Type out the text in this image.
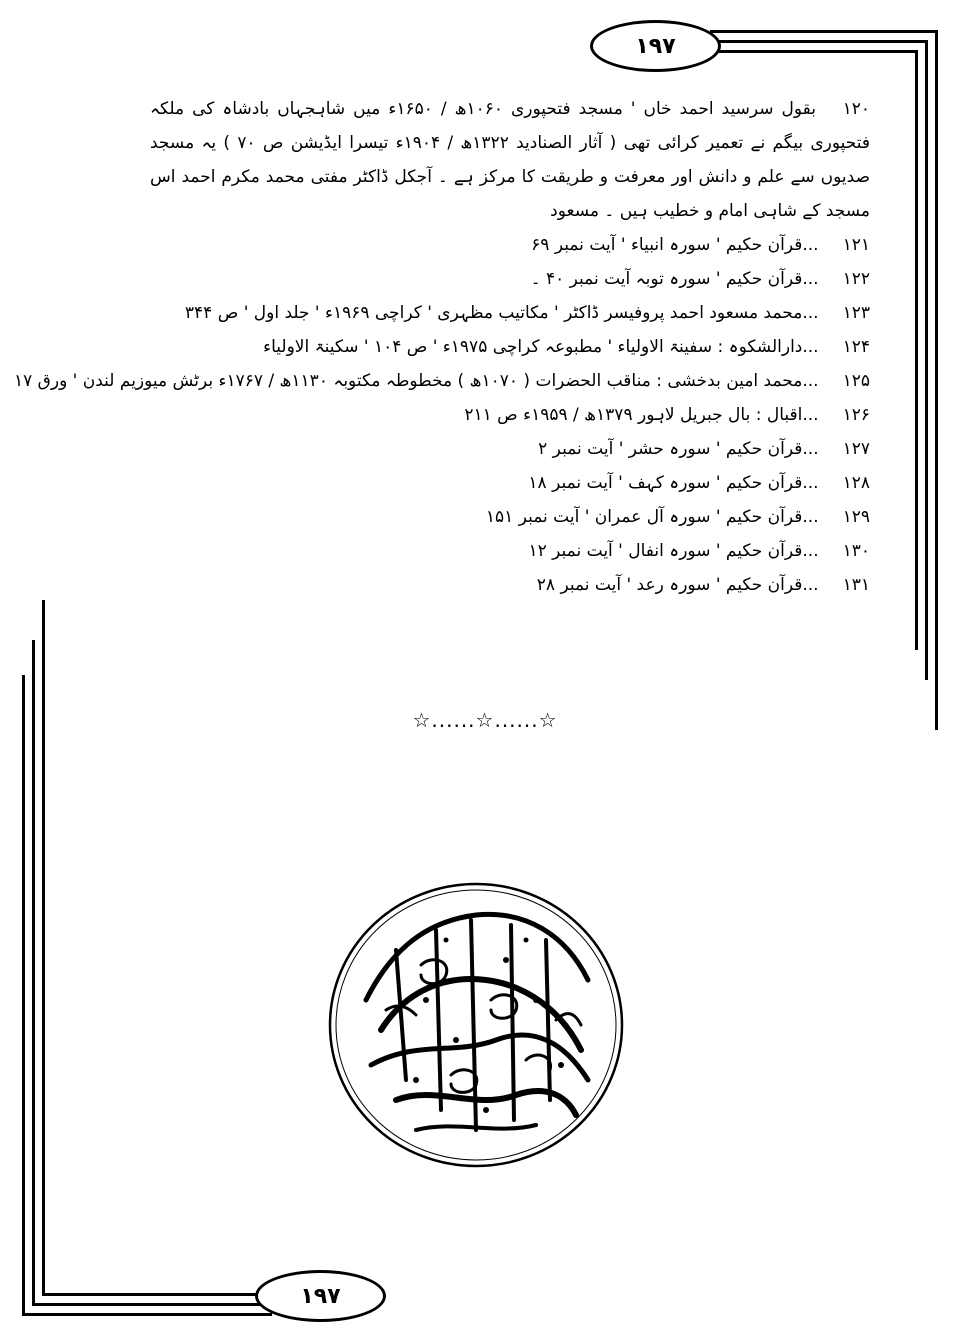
۱۹۷
۱۹۷
۱۲۰ بقول سرسید احمد خاں ' مسجد فتحپوری ۱۰۶۰ھ / ۱۶۵۰ء میں شاہجہاں بادشاہ کی ملکہ فتحپوری بیگم نے تعمیر کرائی تھی ( آثار الصنادید ۱۳۲۲ھ / ۱۹۰۴ء تیسرا ایڈیشن ص ۷۰ ) یہ مسجد صدیوں سے علم و دانش اور معرفت و طریقت کا مرکز ہے ۔ آجکل ڈاکٹر مفتی محمد مکرم احمد اس مسجد کے شاہی امام و خطیب ہیں ۔ مسعود
۱۲۱ ...قرآن حکیم ' سورہ انبیاء ' آیت نمبر ۶۹
۱۲۲ ...قرآن حکیم ' سورہ توبہ آیت نمبر ۴۰ ۔
۱۲۳ ...محمد مسعود احمد پروفیسر ڈاکٹر ' مکاتیب مظہری ' کراچی ۱۹۶۹ء ' جلد اول ' ص ۳۴۴
۱۲۴ ...دارالشکوہ : سفینۃ الاولیاء ' مطبوعہ کراچی ۱۹۷۵ء ' ص ۱۰۴ ' سکینۃ الاولیاء
۱۲۵ ...محمد امین بدخشی : مناقب الحضرات ( ۱۰۷۰ھ ) مخطوطہ مکتوبہ ۱۱۳۰ھ / ۱۷۶۷ء برٹش میوزیم لندن ' ورق ۱۷
۱۲۶ ...اقبال : بال جبریل لاہور ۱۳۷۹ھ / ۱۹۵۹ء ص ۲۱۱
۱۲۷ ...قرآن حکیم ' سورہ حشر ' آیت نمبر ۲
۱۲۸ ...قرآن حکیم ' سورہ کہف ' آیت نمبر ۱۸
۱۲۹ ...قرآن حکیم ' سورہ آل عمران ' آیت نمبر ۱۵۱
۱۳۰ ...قرآن حکیم ' سورہ انفال ' آیت نمبر ۱۲
۱۳۱ ...قرآن حکیم ' سورہ رعد ' آیت نمبر ۲۸
☆......☆......☆
